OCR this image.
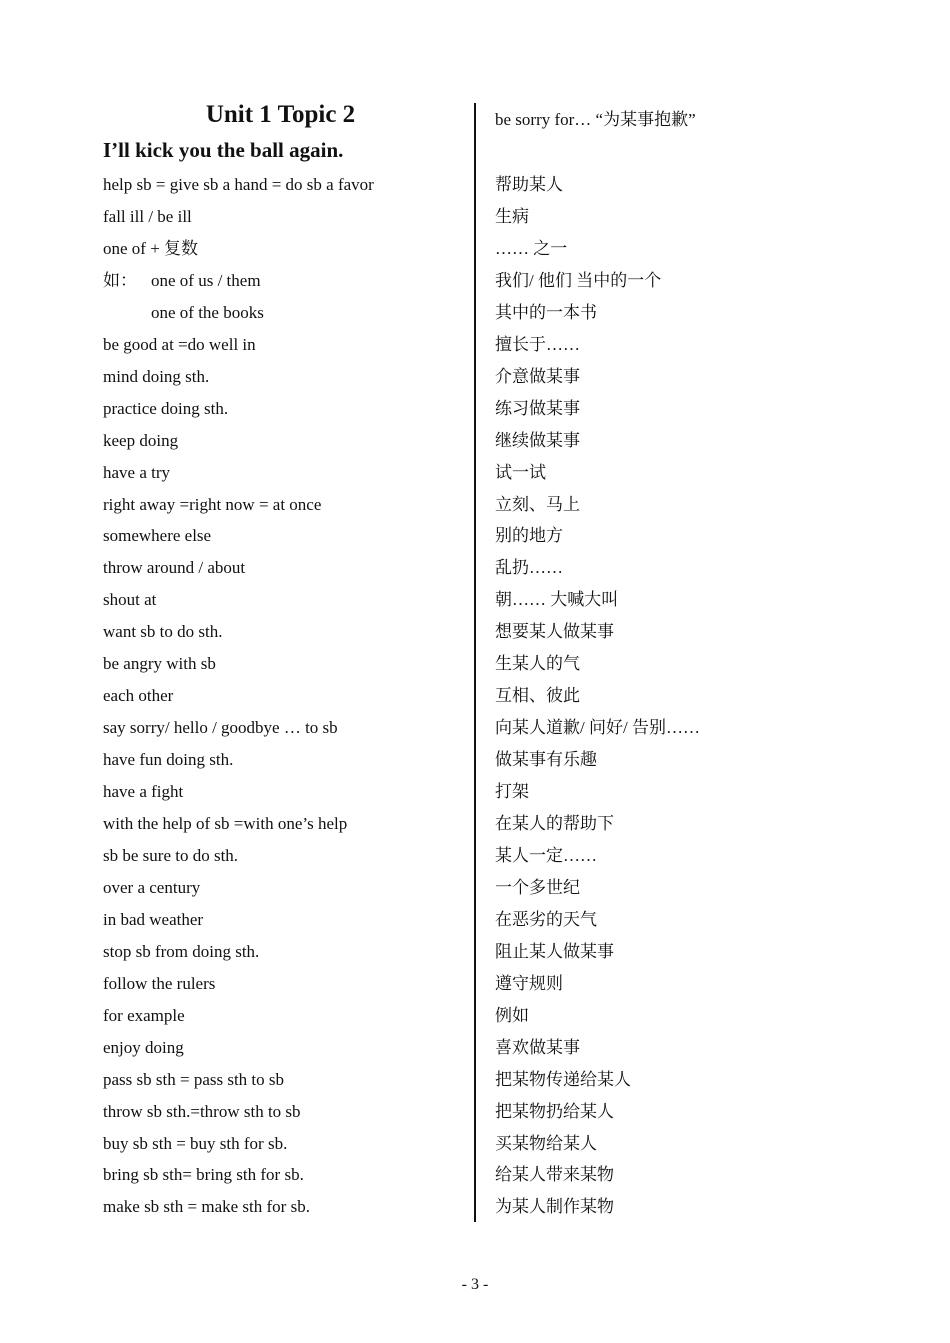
Unit 1 Topic 2
I’ll kick you the ball again.
be sorry for… “为某事抱歉”
help sb = give sb a hand = do sb a favor	帮助某人
fall ill / be ill	生病
one of + 复数	…… 之一
如： one of us / them	我们/ 他们 当中的一个
one of the books	其中的一本书
be good at =do well in	擅长于……
mind doing sth.	介意做某事
practice doing sth.	练习做某事
keep doing	继续做某事
have a try	试一试
right away =right now = at once	立刻、马上
somewhere else	别的地方
throw around / about	乱扔……
shout at	朝…… 大喊大叫
want sb to do sth.	想要某人做某事
be angry with sb	生某人的气
each other	互相、彼此
say sorry/ hello / goodbye … to sb	向某人道歉/ 问好/ 告别……
have fun doing sth.	做某事有乐趣
have a fight	打架
with the help of sb =with one’s help	在某人的帮助下
sb be sure to do sth.	某人一定……
over a century	一个多世纪
in bad weather	在恶劣的天气
stop sb from doing sth.	阻止某人做某事
follow the rulers	遵守规则
for example	例如
enjoy doing	喜欢做某事
pass sb sth = pass sth to sb	把某物传递给某人
throw sb sth.=throw sth to sb	把某物扔给某人
buy sb sth = buy sth for sb.	买某物给某人
bring sb sth= bring sth for sb.	给某人带来某物
make sb sth = make sth for sb.	为某人制作某物
- 3 -
